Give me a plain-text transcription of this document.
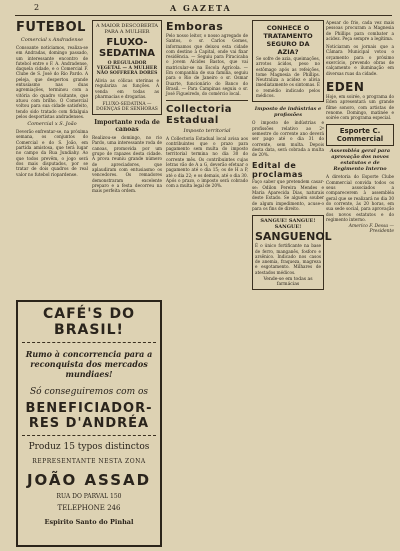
2	A GAZETA
FUTEBOL
Comercial x Andradense
Consoante noticiamos, realiza-se em Andradas, domingo passado, um interessante encontro de futebol entre o F. A. Andradense, daquela cidade, e o Comercial F. Clube de S. José do Rio Pardo. A peleja, que despertou grande entusiasmo nas duas agremiações, terminou com a vitória do quadro visitante, que atuou com brilho. O Comercial voltou para sua cidade satisfeito, tendo sido tratado com fidalguia pelos desportistas andradenses.
Comercial x S. João
Deverão enfrentar-se, na próxima semana, os conjuntos do Comercial e do S. João, em partida amistosa, que terá lugar no campo da Rua Jundiahy. Ao que todos prevêm, o jogo será dos mais disputados, por se tratar de dois quadros de real valor no futebol riopardense.
A MAIOR DESCOBERTA PARA A MULHER
FLUXO-SEDATINA
O REGULADOR VEGETAL — A MULHER NÃO SOFFRERÁ DORES
Alivia as cólicas uterinas e regulariza as funções. À venda em todas as pharmacias e drogarias.
FLUXO-SEDATINA — DOENÇAS DE SENHORAS
Importante roda de canoas
Realizou-se domingo, no rio Pardo, uma interessante roda de canoas, promovida por um grupo de rapazes desta cidade. A prova reuniu grande número de apreciadores, que aplaudiram com entusiasmo os vencedores. Os remadores demonstraram excelente preparo e a festa decorreu na mais perfeita ordem.
Emboras
Pelo nosso leitor, o nosso agregado de Santos, o sr. Carlos Gomes, informamos que deixou esta cidade com destino à Capital, onde vai fixar residência. — Seguiu para Piracicaba o jovem Alcides Bastos, que vai matricular-se na Escola Agrícola. — Em companhia de sua família, seguiu para o Rio de Janeiro o sr. Osmar Duarte, funcionário do Banco do Brasil. — Para Campinas seguiu o sr. José Figueiredo, do comércio local.
Collectoria Estadual
Imposto territorial
A Collectoria Estadual local avisa aos contribuintes que o prazo para pagamento sem multa do imposto territorial termina no dia 30 do corrente mês. Os contribuintes cujas letras vão de A a G, deverão efetuar o pagamento até o dia 15; os de H a P, até o dia 22; e os demais, até o dia 30. Após o prazo, o imposto será cobrado com a multa legal de 20%.
CONHECE O TRATAMENTO SEGURO DA AZIA?
Se sofre de azia, queimações, arrotos ácidos, peso no estômago após as refeições, tome Magnesia de Phillips. Neutraliza a acidez e alivia imediatamente os sintomas. É o remédio indicado pelos médicos.
Imposto de indústrias e profissões
O imposto de indústrias e profissões relativo ao 2º semestre do corrente ano deverá ser pago até o dia 31 do corrente, sem multa. Depois desta data, será cobrada a multa de 20%.
Edital de proclamas
Faço saber que pretendem casar-se: Odilon Pereira Mendes e Maria Aparecida Dias, naturais deste Estado. Se alguém souber de algum impedimento, acuse-o para os fins de direito.
SANGUE! SANGUE! SANGUE!
SANGUENOL
É o único fortificante na base de ferro, manganês, fosforo e arsênico. Indicado nos casos de anemia, fraqueza, magreza e esgotamento. Milhares de atestados médicos.
Vende-se em todas as farmácias
Apesar do frio, cada vez mais pessoas procuram a Magnesia de Phillips para combater a acidez. Peça sempre a legítima.
Noticiaram os jornais que a Câmara Municipal votou o orçamento para o próximo exercício, prevendo obras de calçamento e iluminação em diversas ruas da cidade.
EDEN
Hoje, em soirée, o programa do Eden apresentará um grande filme sonoro, com artistas de renome. Domingo, matinée e soirée com programa especial.
Esporte C. Commercial
Assembléa geral para aprovação dos novos estatutos e de Regimento Interno
A diretoria do Esporte Clube Commercial convida todos os seus associados a comparecerem à assembléa geral que se realizará no dia 30 do corrente, às 20 horas, em sua sede social, para aprovação dos novos estatutos e do regimento interno.
Americo F. Dessa — Presidente
CAFÉ'S DO BRASIL!
Rumo à concorrencia para a reconquista dos mercados mundiaes!
Só conseguiremos com os
BENEFICIADOR-RES D'ANDRÉA
Produz 15 typos distinctos
REPRESENTANTE NESTA ZONA
JOÃO ASSAD
RUA DO PARVAL 150
TELEPHONE 246
Espirito Santo do Pinhal
